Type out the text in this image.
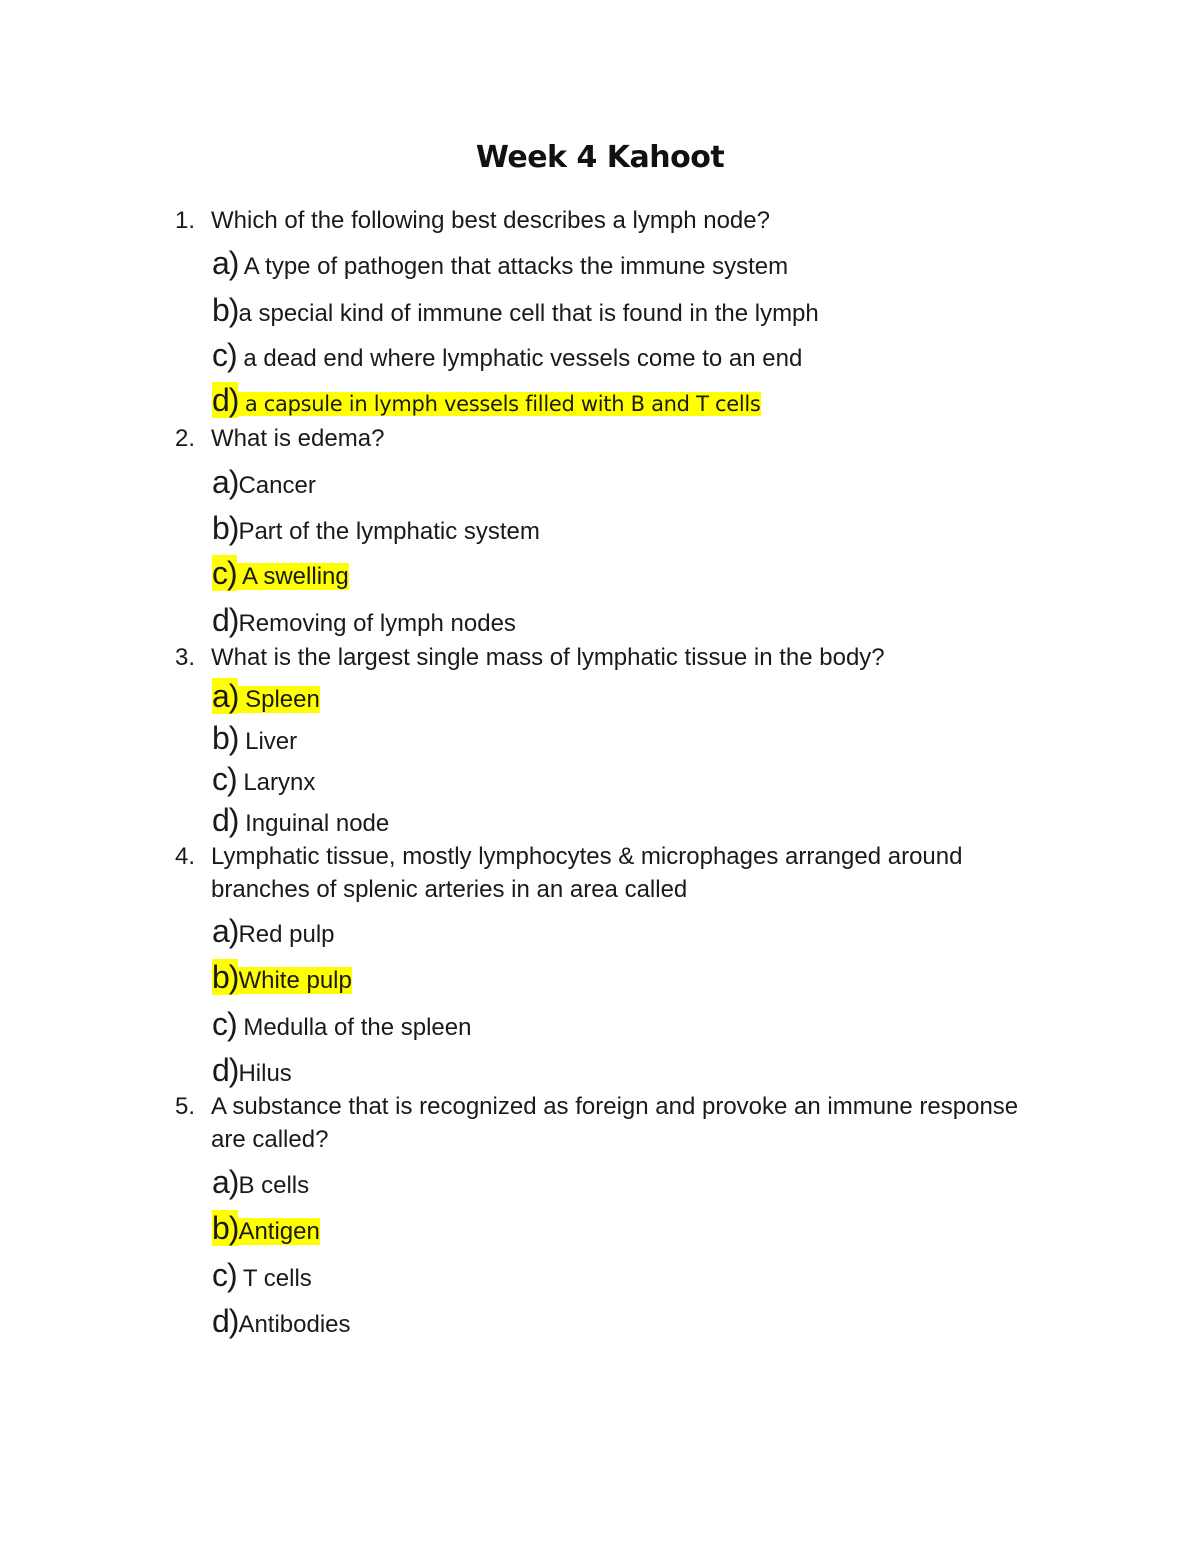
Week 4 Kahoot
1. Which of the following best describes a lymph node?
a) A type of pathogen that attacks the immune system
b)a special kind of immune cell that is found in the lymph
c) a dead end where lymphatic vessels come to an end
d) a capsule in lymph vessels filled with B and T cells
2. What is edema?
a)Cancer
b)Part of the lymphatic system
c) A swelling
d)Removing of lymph nodes
3. What is the largest single mass of lymphatic tissue in the body?
a) Spleen
b) Liver
c) Larynx
d) Inguinal node
4. Lymphatic tissue, mostly lymphocytes & microphages arranged around branches of splenic arteries in an area called
a)Red pulp
b)White pulp
c) Medulla of the spleen
d)Hilus
5. A substance that is recognized as foreign and provoke an immune response are called?
a)B cells
b)Antigen
c) T cells
d)Antibodies
